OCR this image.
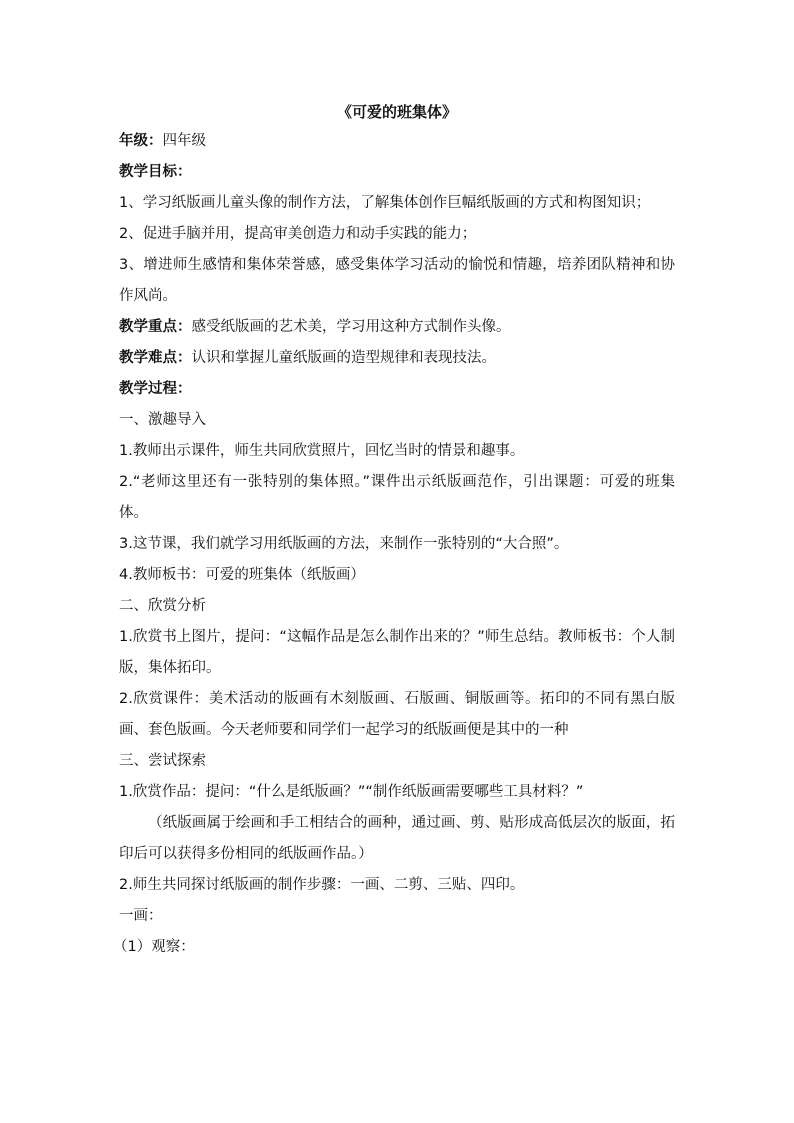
《可爱的班集体》

年级：四年级

教学目标：

1、学习纸版画儿童头像的制作方法，了解集体创作巨幅纸版画的方式和构图知识；

2、促进手脑并用，提高审美创造力和动手实践的能力；

3、增进师生感情和集体荣誉感，感受集体学习活动的愉悦和情趣，培养团队精神和协作风尚。

教学重点：感受纸版画的艺术美，学习用这种方式制作头像。

教学难点：认识和掌握儿童纸版画的造型规律和表现技法。

教学过程：

一、激趣导入

1.教师出示课件，师生共同欣赏照片，回忆当时的情景和趣事。

2.“老师这里还有一张特别的集体照。”课件出示纸版画范作，引出课题：可爱的班集体。

3.这节课，我们就学习用纸版画的方法，来制作一张特别的“大合照”。

4.教师板书：可爱的班集体（纸版画）

二、欣赏分析

1.欣赏书上图片，提问：“这幅作品是怎么制作出来的？”师生总结。教师板书：个人制版，集体拓印。

2.欣赏课件：美术活动的版画有木刻版画、石版画、铜版画等。拓印的不同有黑白版画、套色版画。今天老师要和同学们一起学习的纸版画便是其中的一种

三、尝试探索

1.欣赏作品：提问：“什么是纸版画？”“制作纸版画需要哪些工具材料？”

（纸版画属于绘画和手工相结合的画种，通过画、剪、贴形成高低层次的版面，拓印后可以获得多份相同的纸版画作品。）

2.师生共同探讨纸版画的制作步骤：一画、二剪、三贴、四印。

一画：

（1）观察：
